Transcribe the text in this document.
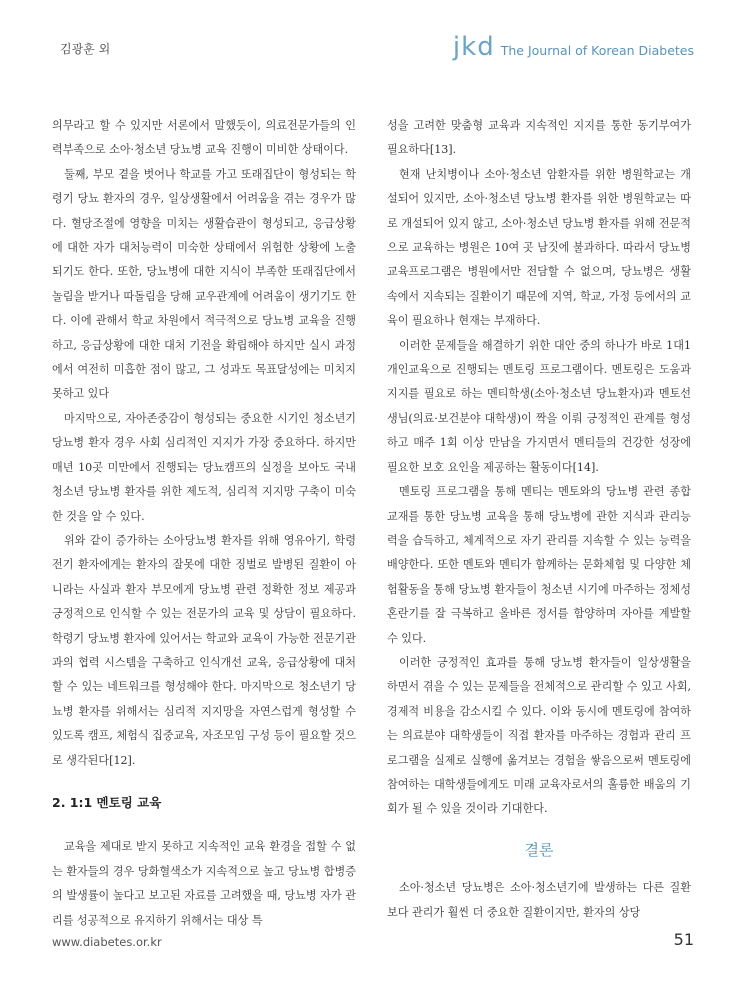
김광훈 외	jkd The Journal of Korean Diabetes

의무라고 할 수 있지만 서론에서 말했듯이, 의료전문가들의 인력부족으로 소아·청소년 당뇨병 교육 진행이 미비한 상태이다.

둘째, 부모 곁을 벗어나 학교를 가고 또래집단이 형성되는 학령기 당뇨 환자의 경우, 일상생활에서 어려움을 겪는 경우가 많다. 혈당조절에 영향을 미치는 생활습관이 형성되고, 응급상황에 대한 자가 대처능력이 미숙한 상태에서 위험한 상황에 노출되기도 한다. 또한, 당뇨병에 대한 지식이 부족한 또래집단에서 놀림을 받거나 따돌림을 당해 교우관계에 어려움이 생기기도 한다. 이에 관해서 학교 차원에서 적극적으로 당뇨병 교육을 진행하고, 응급상황에 대한 대처 기전을 확립해야 하지만 실시 과정에서 여전히 미흡한 점이 많고, 그 성과도 목표달성에는 미치지 못하고 있다

마지막으로, 자아존중감이 형성되는 중요한 시기인 청소년기 당뇨병 환자 경우 사회 심리적인 지지가 가장 중요하다. 하지만 매년 10곳 미만에서 진행되는 당뇨캠프의 실정을 보아도 국내 청소년 당뇨병 환자를 위한 제도적, 심리적 지지망 구축이 미숙한 것을 알 수 있다.

위와 같이 증가하는 소아당뇨병 환자를 위해 영유아기, 학령전기 환자에게는 환자의 잘못에 대한 징벌로 발병된 질환이 아니라는 사실과 환자 부모에게 당뇨병 관련 정확한 정보 제공과 긍정적으로 인식할 수 있는 전문가의 교육 및 상담이 필요하다. 학령기 당뇨병 환자에 있어서는 학교와 교육이 가능한 전문기관과의 협력 시스템을 구축하고 인식개선 교육, 응급상황에 대처할 수 있는 네트워크를 형성해야 한다. 마지막으로 청소년기 당뇨병 환자를 위해서는 심리적 지지망을 자연스럽게 형성할 수 있도록 캠프, 체험식 집중교육, 자조모임 구성 등이 필요할 것으로 생각된다[12].

2. 1:1 멘토링 교육

교육을 제대로 받지 못하고 지속적인 교육 환경을 접할 수 없는 환자들의 경우 당화혈색소가 지속적으로 높고 당뇨병 합병증의 발생률이 높다고 보고된 자료를 고려했을 때, 당뇨병 자가 관리를 성공적으로 유지하기 위해서는 대상 특

성을 고려한 맞춤형 교육과 지속적인 지지를 통한 동기부여가 필요하다[13].

현재 난치병이나 소아·청소년 암환자를 위한 병원학교는 개설되어 있지만, 소아·청소년 당뇨병 환자를 위한 병원학교는 따로 개설되어 있지 않고, 소아·청소년 당뇨병 환자를 위해 전문적으로 교육하는 병원은 10여 곳 남짓에 불과하다. 따라서 당뇨병 교육프로그램은 병원에서만 전담할 수 없으며, 당뇨병은 생활 속에서 지속되는 질환이기 때문에 지역, 학교, 가정 등에서의 교육이 필요하나 현재는 부재하다.

이러한 문제들을 해결하기 위한 대안 중의 하나가 바로 1대1 개인교육으로 진행되는 멘토링 프로그램이다. 멘토링은 도움과 지지를 필요로 하는 멘티학생(소아·청소년 당뇨환자)과 멘토선생님(의료·보건분야 대학생)이 짝을 이뤄 긍정적인 관계를 형성하고 매주 1회 이상 만남을 가지면서 멘티들의 건강한 성장에 필요한 보호 요인을 제공하는 활동이다[14].

멘토링 프로그램을 통해 멘티는 멘토와의 당뇨병 관련 종합교재를 통한 당뇨병 교육을 통해 당뇨병에 관한 지식과 관리능력을 습득하고, 체계적으로 자기 관리를 지속할 수 있는 능력을 배양한다. 또한 멘토와 멘티가 함께하는 문화체험 및 다양한 체험활동을 통해 당뇨병 환자들이 청소년 시기에 마주하는 정체성 혼란기를 잘 극복하고 올바른 정서를 함양하며 자아를 계발할 수 있다.

이러한 긍정적인 효과를 통해 당뇨병 환자들이 일상생활을 하면서 겪을 수 있는 문제들을 전체적으로 관리할 수 있고 사회, 경제적 비용을 감소시킬 수 있다. 이와 동시에 멘토링에 참여하는 의료분야 대학생들이 직접 환자를 마주하는 경험과 관리 프로그램을 실제로 실행에 옮겨보는 경험을 쌓음으로써 멘토링에 참여하는 대학생들에게도 미래 교육자로서의 훌륭한 배움의 기회가 될 수 있을 것이라 기대한다.

결론

소아·청소년 당뇨병은 소아·청소년기에 발생하는 다른 질환보다 관리가 훨씬 더 중요한 질환이지만, 환자의 상당

www.diabetes.or.kr	51
